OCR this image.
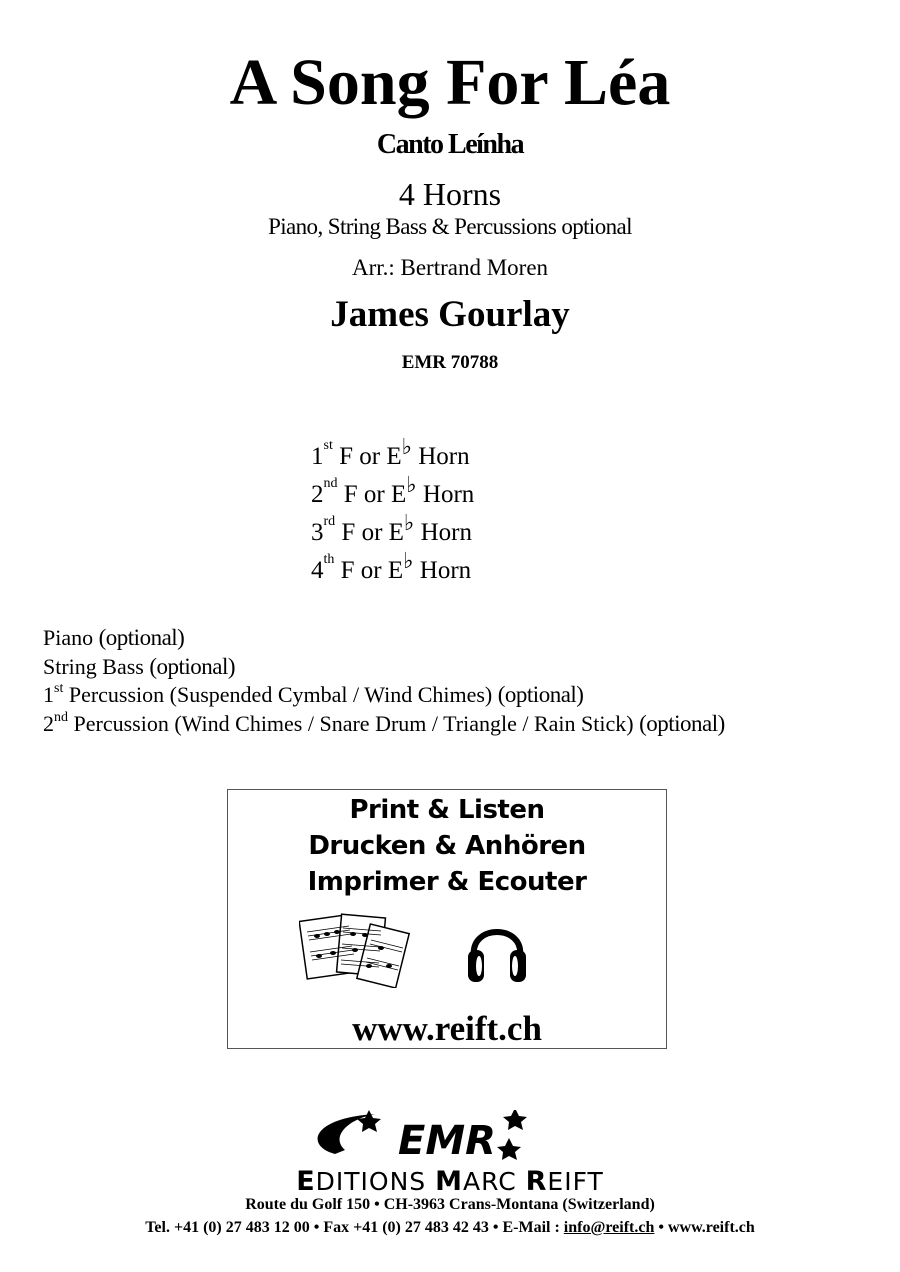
A Song For Léa
Canto Leínha
4 Horns
Piano, String Bass & Percussions optional
Arr.: Bertrand Moren
James Gourlay
EMR 70788
1st F or E♭ Horn
2nd F or E♭ Horn
3rd F or E♭ Horn
4th F or E♭ Horn
Piano (optional)
String Bass (optional)
1st Percussion (Suspended Cymbal / Wind Chimes) (optional)
2nd Percussion (Wind Chimes / Snare Drum / Triangle / Rain Stick) (optional)
Print & Listen
Drucken & Anhören
Imprimer & Ecouter
www.reift.ch
EMR
EDITIONS MARC REIFT
Route du Golf 150 • CH-3963 Crans-Montana (Switzerland)
Tel. +41 (0) 27 483 12 00 • Fax +41 (0) 27 483 42 43 • E-Mail : info@reift.ch • www.reift.ch
